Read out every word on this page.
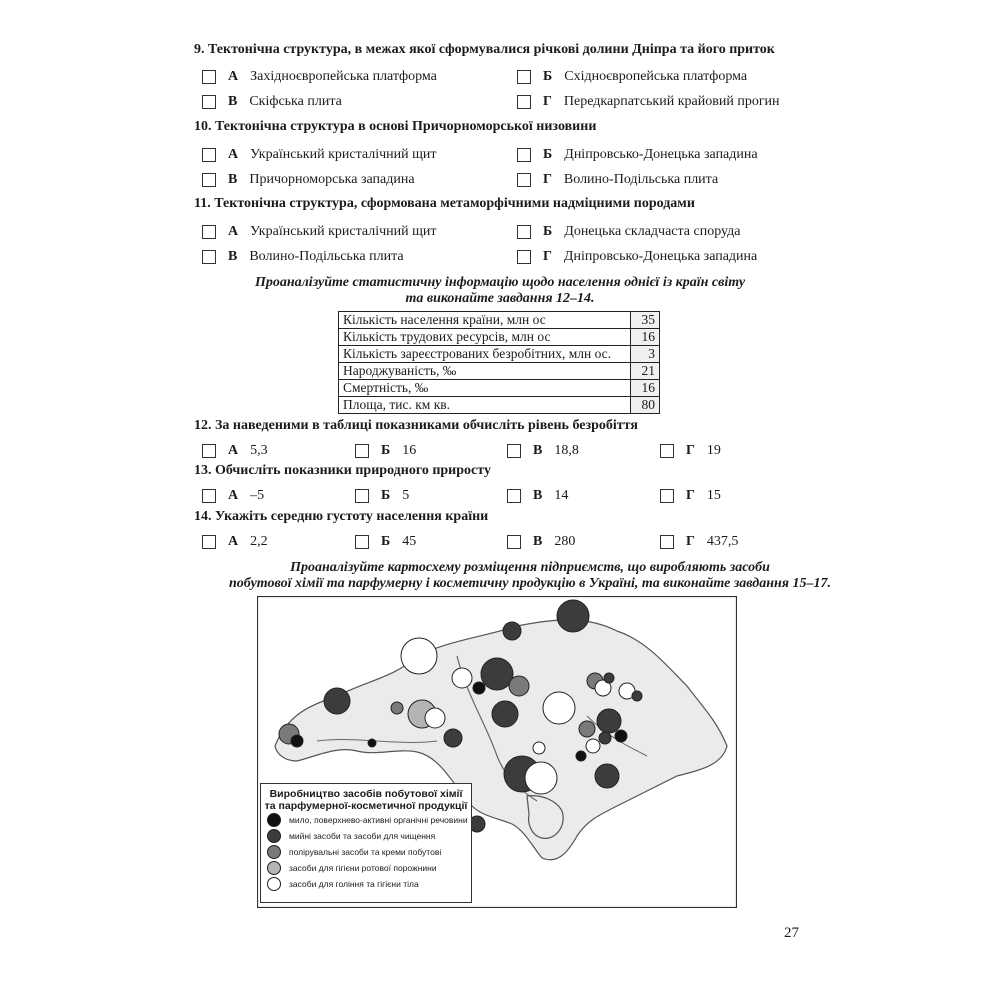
9. Тектонічна структура, в межах якої сформувалися річкові долини Дніпра та його приток
А Західноєвропейська платформа	Б Східноєвропейська платформа
В Скіфська плита	Г Передкарпатський крайовий прогин
10. Тектонічна структура в основі Причорноморської низовини
А Український кристалічний щит	Б Дніпровсько-Донецька западина
В Причорноморська западина	Г Волино-Подільська плита
11. Тектонічна структура, сформована метаморфічними надміцними породами
А Український кристалічний щит	Б Донецька складчаста споруда
В Волино-Подільська плита	Г Дніпровсько-Донецька западина
Проаналізуйте статистичну інформацію щодо населення однієї із країн світу
та виконайте завдання 12–14.
Кількість населення країни, млн ос	35
Кількість трудових ресурсів, млн ос	16
Кількість зареєстрованих безробітних, млн ос.	3
Народжуваність, ‰	21
Смертність, ‰	16
Площа, тис. км кв.	80
12. За наведеними в таблиці показниками обчисліть рівень безробіття
А 5,3	Б 16	В 18,8	Г 19
13. Обчисліть показники природного приросту
А –5	Б 5	В 14	Г 15
14. Укажіть середню густоту населення країни
А 2,2	Б 45	В 280	Г 437,5
Проаналізуйте картосхему розміщення підприємств, що виробляють засоби
побутової хімії та парфумерну і косметичну продукцію в Україні, та виконайте завдання 15–17.
Виробництво засобів побутової хімії
та парфумерної-косметичної продукції
мило, поверхнево-активні органічні речовини
мийні засоби та засоби для чищення
полірувальні засоби та креми побутові
засоби для гігієни ротової порожнини
засоби для гоління та гігієни тіла
27
